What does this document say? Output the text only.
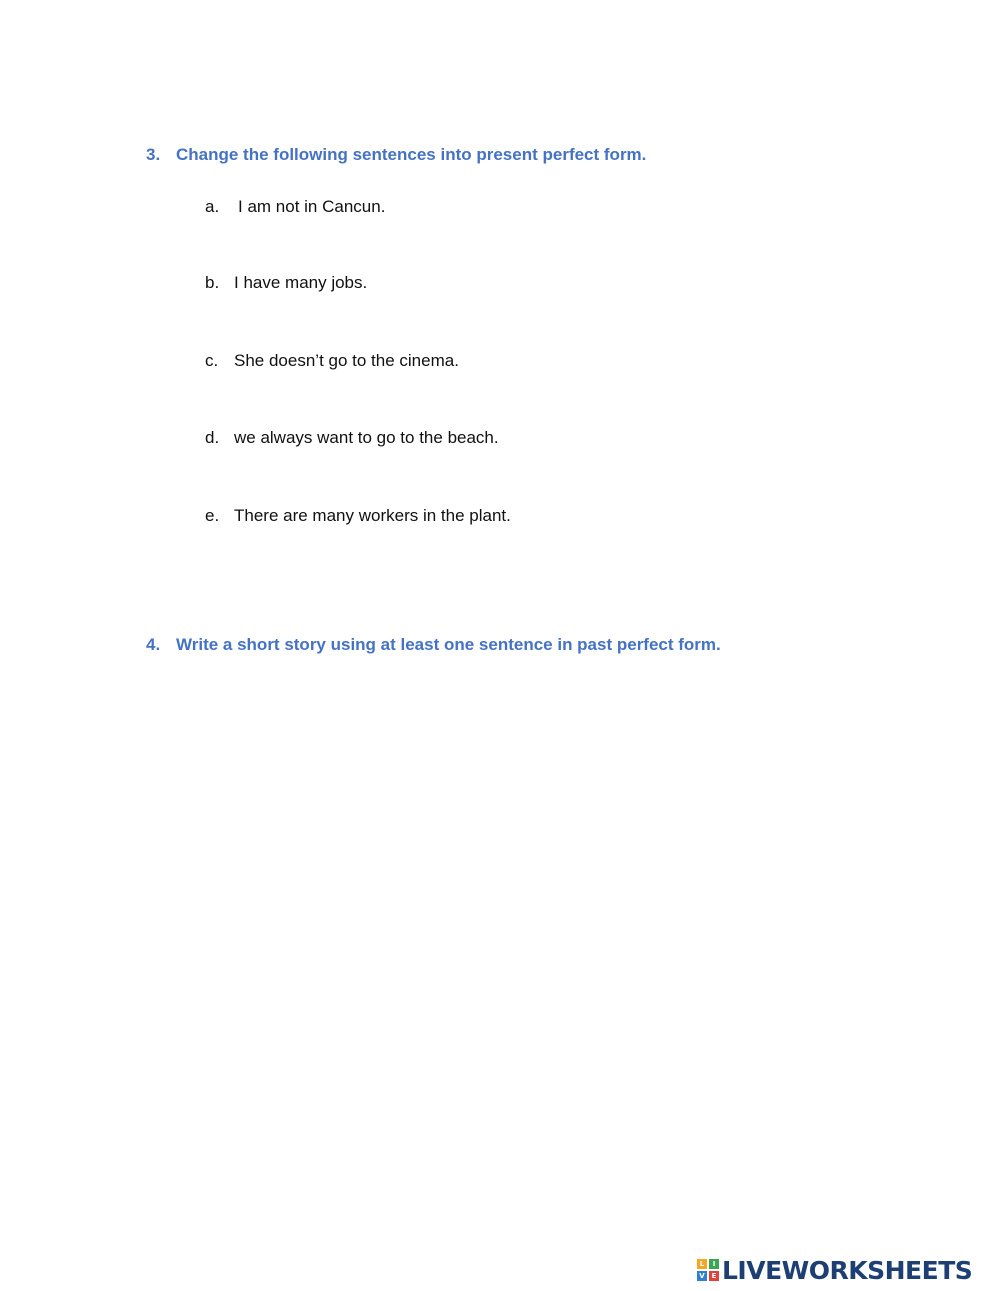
3. Change the following sentences into present perfect form.
a. I am not in Cancun.
b. I have many jobs.
c. She doesn’t go to the cinema.
d. we always want to go to the beach.
e. There are many workers in the plant.
4. Write a short story using at least one sentence in past perfect form.
L	I
V E LIVEWORKSHEETS
